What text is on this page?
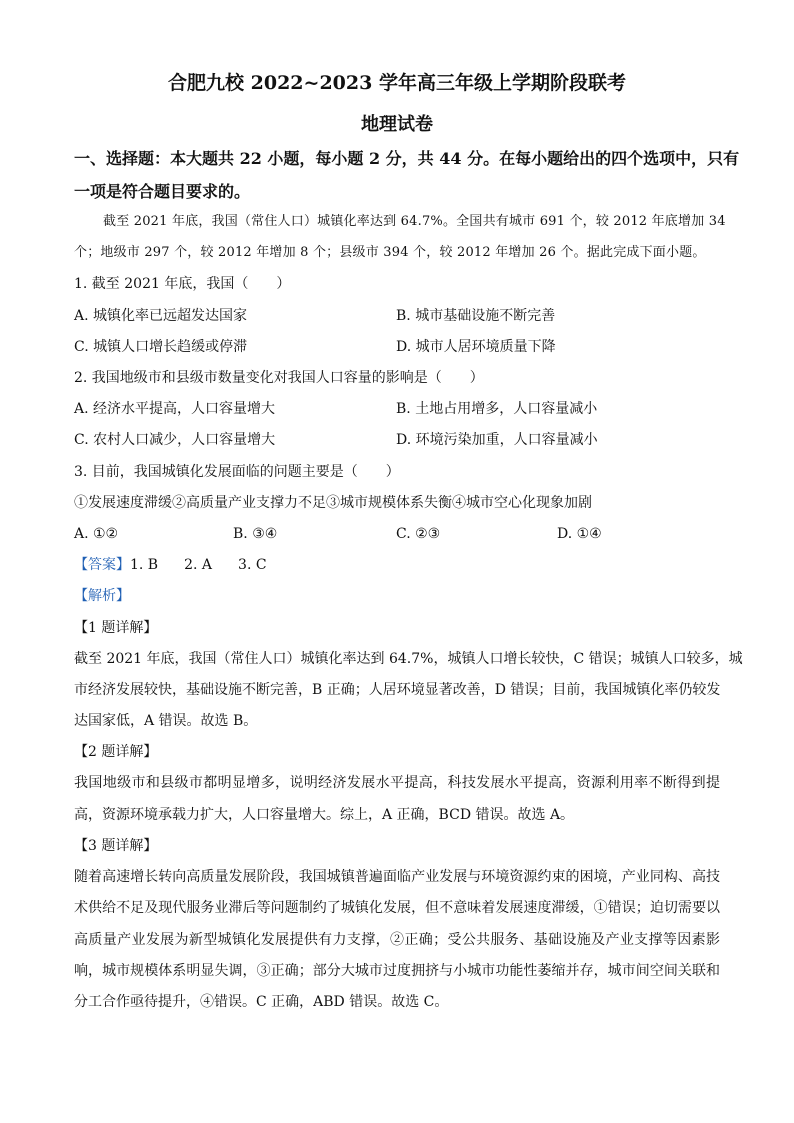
合肥九校 2022~2023 学年高三年级上学期阶段联考
地理试卷
一、选择题：本大题共 22 小题，每小题 2 分，共 44 分。在每小题给出的四个选项中，只有
一项是符合题目要求的。
截至 2021 年底，我国（常住人口）城镇化率达到 64.7%。全国共有城市 691 个，较 2012 年底增加 34
个；地级市 297 个，较 2012 年增加 8 个；县级市 394 个，较 2012 年增加 26 个。据此完成下面小题。
1. 截至 2021 年底，我国（　　）
A. 城镇化率已远超发达国家	B. 城市基础设施不断完善
C. 城镇人口增长趋缓或停滞	D. 城市人居环境质量下降
2. 我国地级市和县级市数量变化对我国人口容量的影响是（　　）
A. 经济水平提高，人口容量增大	B. 土地占用增多，人口容量减小
C. 农村人口减少，人口容量增大	D. 环境污染加重，人口容量减小
3. 目前，我国城镇化发展面临的问题主要是（　　）
①发展速度滞缓②高质量产业支撑力不足③城市规模体系失衡④城市空心化现象加剧
A. ①②	B. ③④	C. ②③	D. ①④
【答案】1. B 2. A 3. C
【解析】
【1 题详解】
截至 2021 年底，我国（常住人口）城镇化率达到 64.7%，城镇人口增长较快，C 错误；城镇人口较多，城
市经济发展较快，基础设施不断完善，B 正确；人居环境显著改善，D 错误；目前，我国城镇化率仍较发
达国家低，A 错误。故选 B。
【2 题详解】
我国地级市和县级市都明显增多，说明经济发展水平提高，科技发展水平提高，资源利用率不断得到提
高，资源环境承载力扩大，人口容量增大。综上，A 正确，BCD 错误。故选 A。
【3 题详解】
随着高速增长转向高质量发展阶段，我国城镇普遍面临产业发展与环境资源约束的困境，产业同构、高技
术供给不足及现代服务业滞后等问题制约了城镇化发展，但不意味着发展速度滞缓，①错误；迫切需要以
高质量产业发展为新型城镇化发展提供有力支撑，②正确；受公共服务、基础设施及产业支撑等因素影
响，城市规模体系明显失调，③正确；部分大城市过度拥挤与小城市功能性萎缩并存，城市间空间关联和
分工合作亟待提升，④错误。C 正确，ABD 错误。故选 C。
